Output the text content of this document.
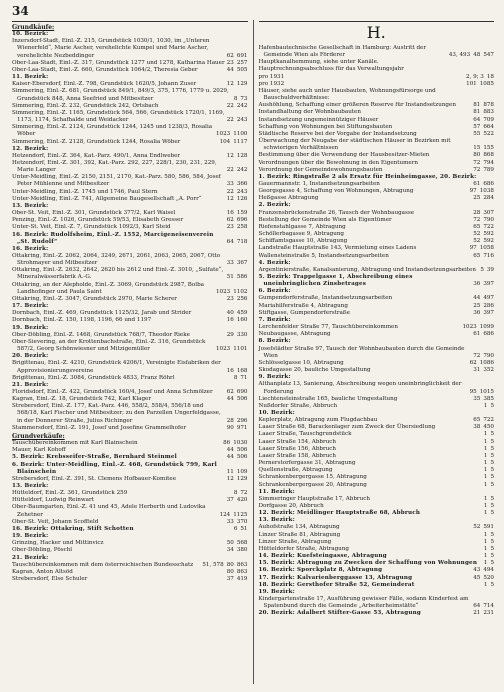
34
Grundkäufe:
10. Bezirk:
Inzersdorf-Stadt, Einl.-Z. 215, Grundstück 1030/1, 1030, im „Unteren Wienerfeld“, Marie Ascher, verehelichte Kumpel und Marie Ascher, verehelichte Nezbeddinger	62 691
Ober-Laa-Stadt, Einl.-Z. 317, Grundstück 1277 und 1278, Katharina Hauer 23 257
Ober-Laa-Stadt, Einl.-Z. 660, Grundstück 1064/2, Theresia Geber	44 505
11. Bezirk:
Kaiser-Ebersdorf, Einl.-Z. 798, Grundstück 1620/5, Johann Zuser	12 129
Simmering, Einl.-Z. 681, Grundstück 849/1, 849/3, 375, 1776, 1779 u. 2029, Grundstück 848, Anna Seefried und Mitbesitzer	8 73
Simmering, Einl.-Z. 232, Grundstück 242, Ortsbach	22 242
Simmering, Einl.-Z. 1165, Grundstück 564, 566, Grundstück 1720/1, 1169, 1173, 1174, Schafhalde und Weidacker	22 243
Simmering, Einl.-Z. 2124, Grundstück 1244, 1245 und 1238/3, Rosalia Wöber	1023 1100
Simmering, Einl.-Z. 2128, Grundstück 1244, Rosalia Wöber	104 1117
12. Bezirk:
Hetzendorf, Einl.-Z. 364, Kat.-Parz. 490/1, Anna Endlweber	12 128
Hetzendorf, Einl.-Z. 301, 392, Kat.-Parz. 292, 227, 228/1, 230, 231, 229, Marie Langer	22 242
Unter-Meidling, Einl.-Z. 2150, 2151, 2170, Kat.-Parz. 580, 586, 584, Josef Peter Mühlenne und Mitbesitzer	33 366
Unter-Meidling, Einl.-Z. 1745 und 1746, Paul Stern	22 243
Unter-Meidling, Einl.-Z. 741, Allgemeine Baugesellschaft „A. Porr“	12 126
13. Bezirk:
Ober-St. Veit, Einl.-Z. 301, Grundstück 377/2, Karl Waisel	16 159
Penzing, Einl.-Z. 1026, Grundstück 59/53, Elisabeth Gresser	62 696
Unter-St. Veit, Einl.-Z. 7, Grundstück 1092/3, Karl Steid	23 258
16. Bezirk: Rudolfsheim, Einl.-Z. 1552, Marcigeneisenverein „St. Rudolf“	64 718
16. Bezirk:
Ottakring, Einl.-Z. 2062, 2064, 3249, 2671, 2061, 2063, 2065, 2067, Otto Strohmayer und Mitbesitzer	33 367
Ottakring, Einl.-Z. 2632, 2642, 2620 bis 2612 und Einl.-Z. 3010, „Sulfate“, Mineralwässerfabrik A.-G.	51 586
Ottakring, an der Alepholde, Einl.-Z. 3069, Grundstück 2987, Bolba Landhofinger und Paula Saint	1023 1102
Ottakring, Einl.-Z. 3047, Grundstück 2970, Marie Scherer	23 256
17. Bezirk:
Dornbach, Einl.-Z. 469, Grundstück 1125/32, Jarab und Strider	40 459
Dornbach, Einl.-Z. 150, 1198, 1196, 66 und 1197	16 160
19. Bezirk:
Ober-Döbling, Einl.-Z. 1468, Grundstück 768/7, Theodor Rieke	29 330
Ober-Sievering, an der Krottenbachstraße, Einl.-Z. 316, Grundstück 587/2, Georg Schönwiesner und Mitzigemüller	1023 1101
20. Bezirk:
Brigittenau, Einl.-Z. 4210, Grundstück 4206/1, Vereinigte Eisfabriken der Approvisionierungsvereine	16 168
Brigittenau, Einl.-Z. 3084, Grundstück 4833, Franz Röhrl	8 71
21. Bezirk:
Floridsdorf, Einl.-Z. 422, Grundstück 160/4, Josef und Anna Schmölzer	62 690
Kagran, Einl.-Z. 18, Grundstück 742, Karl Klager	44 506
Strebersdorf, Einl.-Z. 177, Kat.-Parz. 446, 558/2, 558/4, 556/18 und 568/18, Karl Fischer und Mitbesitzer; zu den Parzellen Ungerfeldgasse, in der Donnerer Straße, Julius Richinger	28 296
Stammersdorf, Einl.-Z. 191, Josef und Josefine Grammelhofer	90 971
Grundverkäufe:
Tauschübereinkommen mit Karl Blainschein	86 1030
Mauer, Karl Kohoff	44 506
5. Bezirk: Krebsseifer-Straße, Bernhard Steinmel	44 506
6. Bezirk: Unter-Meidling, Einl.-Z. 468, Grundstück 799, Karl Blainschein	11 109
Strebersdorf, Einl.-Z. 391, St. Clemens Hofbauer-Komitee	12 129
13. Bezirk:
Hütteldorf, Einl.-Z. 361, Grundstück 259	8 72
Hütteldorf, Ludwig Reinwart	37 420
Ober-Baumgarten, Einl.-Z. 41 und 45, Adele Herberth und Ludovika Zehetner	124 1125
Ober-St. Veit, Johann Scoffield	33 370
16. Bezirk: Ottakring, Stift Schotten	6 51
19. Bezirk:
Grinzing, Hacker und Mittinvicz	50 568
Ober-Döbling, Pöschl	34 380
21. Bezirk:
Tauschübereinkommen mit dem österreichischen Bundesschatz	51, 578 80 863
Kagran, Anton Altsöd	80 863
Strebersdorf, Else Schuler	37 419
H.
Hafenbautechnische Gesellschaft in Hamburg: Austritt der Gemeinde Wien als Förderer	43, 493 48 547
Hauptkanalhemmung, siehe unter Kanäle.
Hauptrechnungsabschluss für das Verwaltungsjahr
pro 1931	2, 9; 3 18
pro 1932	101 1085
Häuser, siehe auch unter Hausbauten, Wohnungsfürsorge und Bauschuldverhältnisse:
Aushöhlung, Schaffung einer größeren Reserve für Instandsetzungen	81 878
Instandhaltung der Wohnbaubauten	81 883
Instandsetzung ungemeinnütziger Häuser	64 709
Schaffung von Wohnungen bei Stiftungsbauten	57 664
Städtische Reserve bei der Vorgabe der Instandsetzung	55 522
Überwachung der Neugabe der städtischen Häuser in Bezirken mit schwierigen Verhältnissen	15 155
Bestimmung über die Verwendung der Hausbesitzer-Mieten	80 868
Verordnungen über die Bewohnung in den Eigentumern	72 794
Verordnung der Gemeindewohnungsbauten	72 789
1. Bezirk: Ringstraße 2 als Ersatz für Heinheimgasse, 20. Bezirk:
Gauermannstr. 1, Instandsetzungsarbeiten	61 686
Georgsgasse 4, Schaffung von Wohnungen, Abtragung	97 1038
Heßgasse Abtragung	25 284
2. Bezirk:
Franzensbrückenstraße 26, Tausch der Wohnbaugasse	28 307
Bestellung der Gemeinde Wien als Eigentümer	72 790
Riefenstahlgasse 7, Abtragung	65 722
Schöllerbagasse 9, Abtragung	52 592
Schiffamtsgasse 10, Abtragung	52 592
Landstraße Hauptstraße 143, Vermietung eines Ladens	97 1058
Wallensteinstraße 5, Instandsetzungsarbeiten	65 716
4. Bezirk:
Argentinierstraße, Kanalsanierung, Abtragung und Instandsetzungsarbeiten 5 39
5. Bezirk: Trappelgasse 1, Abschreibung eines uneinbringlichen Zinsbetrages	36 397
6. Bezirk:
Gumpendorferstraße, Instandsetzungsarbeiten	44 497
Mariahilferstraße 4, Abtragung	25 286
Stiftgasse, Gumpendorferstraße	36 397
7. Bezirk:
Lerchenfelder Straße 77, Tauschübereinkommen	1023 1099
Neubaugasse, Abtragung	61 686
8. Bezirk:
Josefstädter Straße 97, Tausch der Wohnbaubauten durch die Gemeinde Wien	72 790
Schlösselgasse 10, Abtragung	62 1086
Skodagasse 20, bauliche Umgestaltung	31 352
9. Bezirk:
Althanplatz 13, Sanierung, Abschreibung wegen uneinbringlichkeit der Forderung	95 1015
Liechtensteinstraße 165, bauliche Umgestaltung	35 385
Nußdorfer Straße, Abbruch	1 5
10. Bezirk:
Keplerplatz, Abtragung zum Flugdachbau	65 722
Laaer Straße 68, Barackenlager zum Zweck der Übersiedlung	38 450
Laaer Straße, Tauschgrundstück	1 5
Laaer Straße 154, Abbruch	1 5
Laaer Straße 156, Abbruch	1 5
Laaer Straße 158, Abbruch	1 5
Pernerstorfergasse 31, Abtragung	1 5
Quellenstraße, Abtragung	1 5
Schrankenbergergasse 15, Abtragung	1 5
Schrankenbergergasse 20, Abtragung	1 5
11. Bezirk:
Simmeringer Hauptstraße 17, Abbruch	1 5
Dorfgasse 20, Abbruch	1 5
12. Bezirk: Meidlinger Hauptstraße 68, Abbruch	1 5
13. Bezirk:
Auhofstraße 134, Abtragung	52 591
Linzer Straße 81, Abtragung	1 5
Linzer Straße, Abtragung	1 5
Hütteldorfer Straße, Abtragung	1 5
14. Bezirk: Kuefsteingasse, Abtragung	1 5
15. Bezirk: Abtragung zu Zwecken der Schaffung von Wohnungen	1 5
16. Bezirk: Sporckplatz 8, Abtragung	43 494
17. Bezirk: Kalvarienberggasse 13, Abtragung	45 520
18. Bezirk: Gersthofer Straße 52, Gemeinderat	1 5
19. Bezirk:
Kindergartenstraße 17, Ausführung gewisser Fälle, sodann Kinderfest am Spatenbund durch die Gemeinde „Arbeiterheimstätte“	64 714
20. Bezirk: Adalbert Stifter-Gasse 53, Abtragung	21 231
